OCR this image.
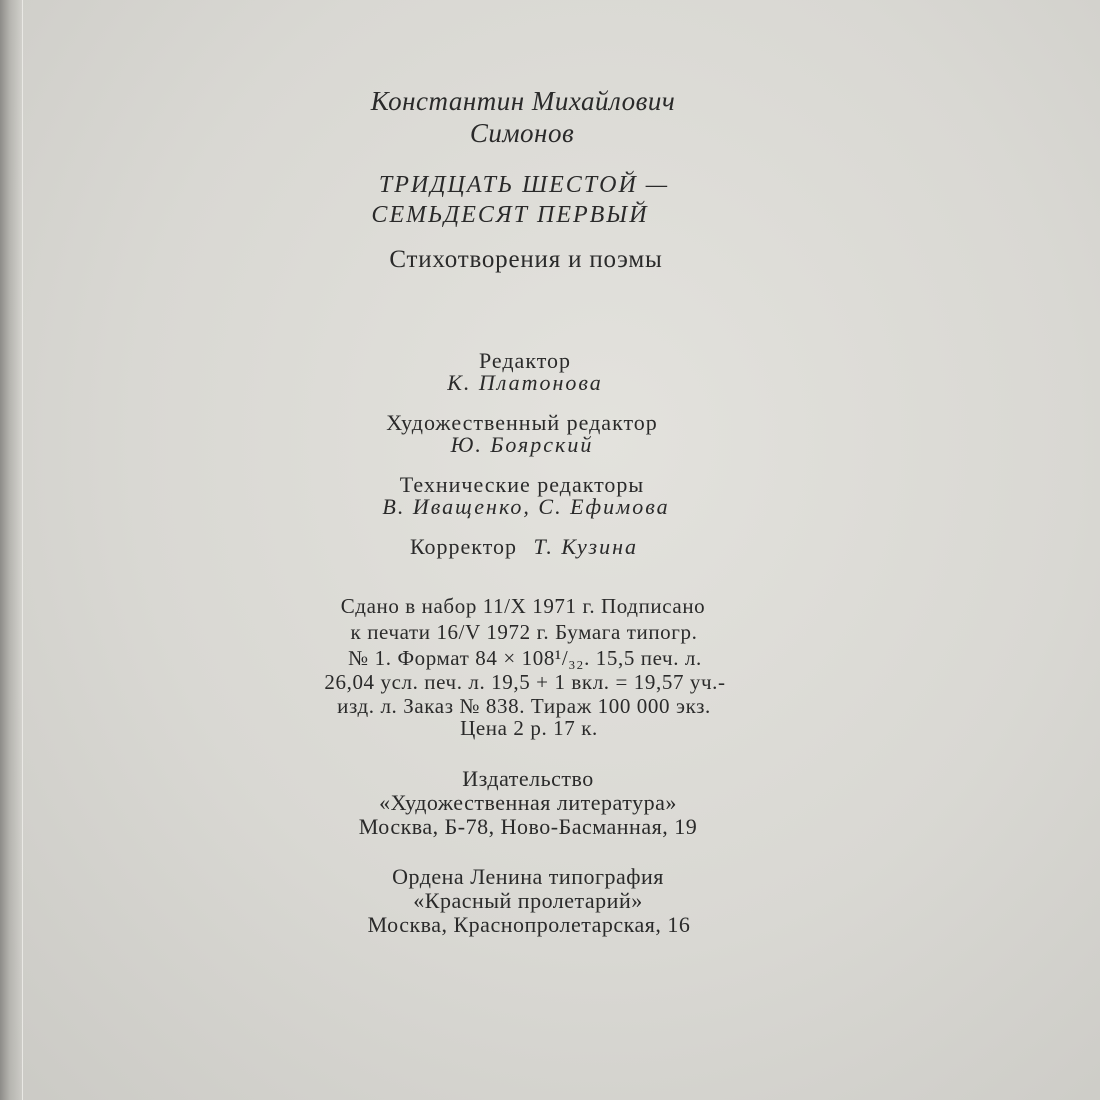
Константин Михайлович
Симонов
ТРИДЦАТЬ ШЕСТОЙ —
СЕМЬДЕСЯТ ПЕРВЫЙ
Стихотворения и поэмы
Редактор
К. Платонова
Художественный редактор
Ю. Боярский
Технические редакторы
В. Иващенко, С. Ефимова
Корректор Т. Кузина
Сдано в набор 11/X 1971 г. Подписано
к печати 16/V 1972 г. Бумага типогр.
№ 1. Формат 84 × 108¹/₃₂. 15,5 печ. л.
26,04 усл. печ. л. 19,5 + 1 вкл. = 19,57 уч.-
изд. л. Заказ № 838. Тираж 100 000 экз.
Цена 2 р. 17 к.
Издательство
«Художественная литература»
Москва, Б-78, Ново-Басманная, 19
Ордена Ленина типография
«Красный пролетарий»
Москва, Краснопролетарская, 16
